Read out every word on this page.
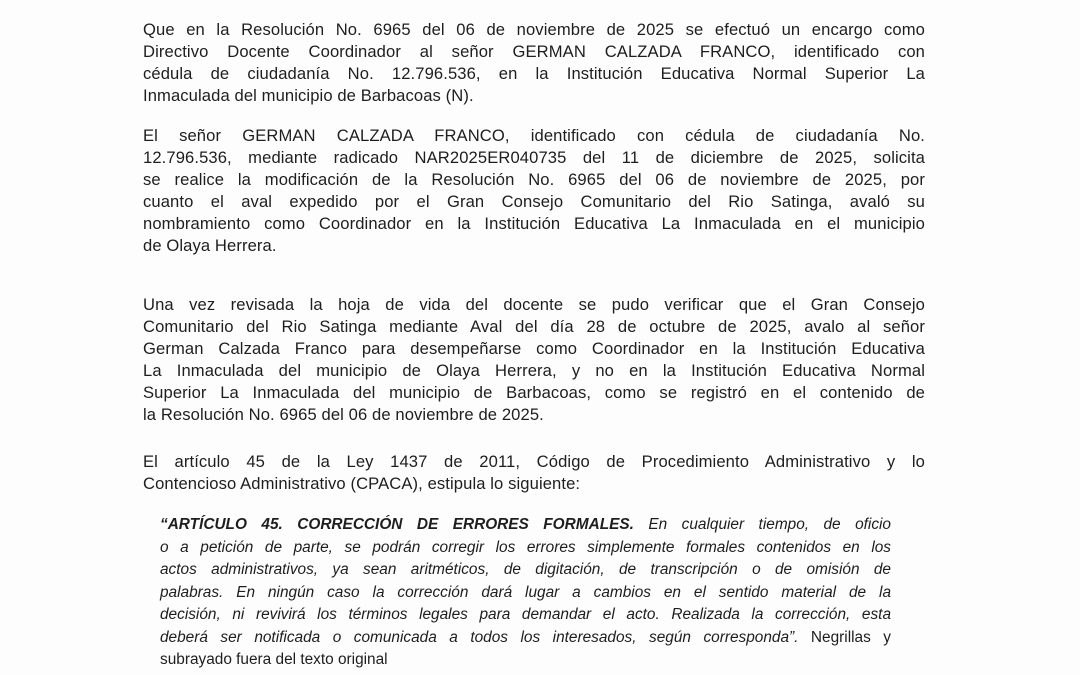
Que en la Resolución No. 6965 del 06 de noviembre de 2025 se efectuó un encargo como
Directivo Docente Coordinador al señor GERMAN CALZADA FRANCO, identificado con
cédula de ciudadanía No. 12.796.536, en la Institución Educativa Normal Superior La
Inmaculada del municipio de Barbacoas (N).
El señor GERMAN CALZADA FRANCO, identificado con cédula de ciudadanía No.
12.796.536, mediante radicado NAR2025ER040735 del 11 de diciembre de 2025, solicita
se realice la modificación de la Resolución No. 6965 del 06 de noviembre de 2025, por
cuanto el aval expedido por el Gran Consejo Comunitario del Rio Satinga, avaló su
nombramiento como Coordinador en la Institución Educativa La Inmaculada en el municipio
de Olaya Herrera.
Una vez revisada la hoja de vida del docente se pudo verificar que el Gran Consejo
Comunitario del Rio Satinga mediante Aval del día 28 de octubre de 2025, avalo al señor
German Calzada Franco para desempeñarse como Coordinador en la Institución Educativa
La Inmaculada del municipio de Olaya Herrera, y no en la Institución Educativa Normal
Superior La Inmaculada del municipio de Barbacoas, como se registró en el contenido de
la Resolución No. 6965 del 06 de noviembre de 2025.
El artículo 45 de la Ley 1437 de 2011, Código de Procedimiento Administrativo y lo
Contencioso Administrativo (CPACA), estipula lo siguiente:
“ARTÍCULO 45. CORRECCIÓN DE ERRORES FORMALES. En cualquier tiempo, de oficio
o a petición de parte, se podrán corregir los errores simplemente formales contenidos en los
actos administrativos, ya sean aritméticos, de digitación, de transcripción o de omisión de
palabras. En ningún caso la corrección dará lugar a cambios en el sentido material de la
decisión, ni revivirá los términos legales para demandar el acto. Realizada la corrección, esta
deberá ser notificada o comunicada a todos los interesados, según corresponda”. Negrillas y
subrayado fuera del texto original
